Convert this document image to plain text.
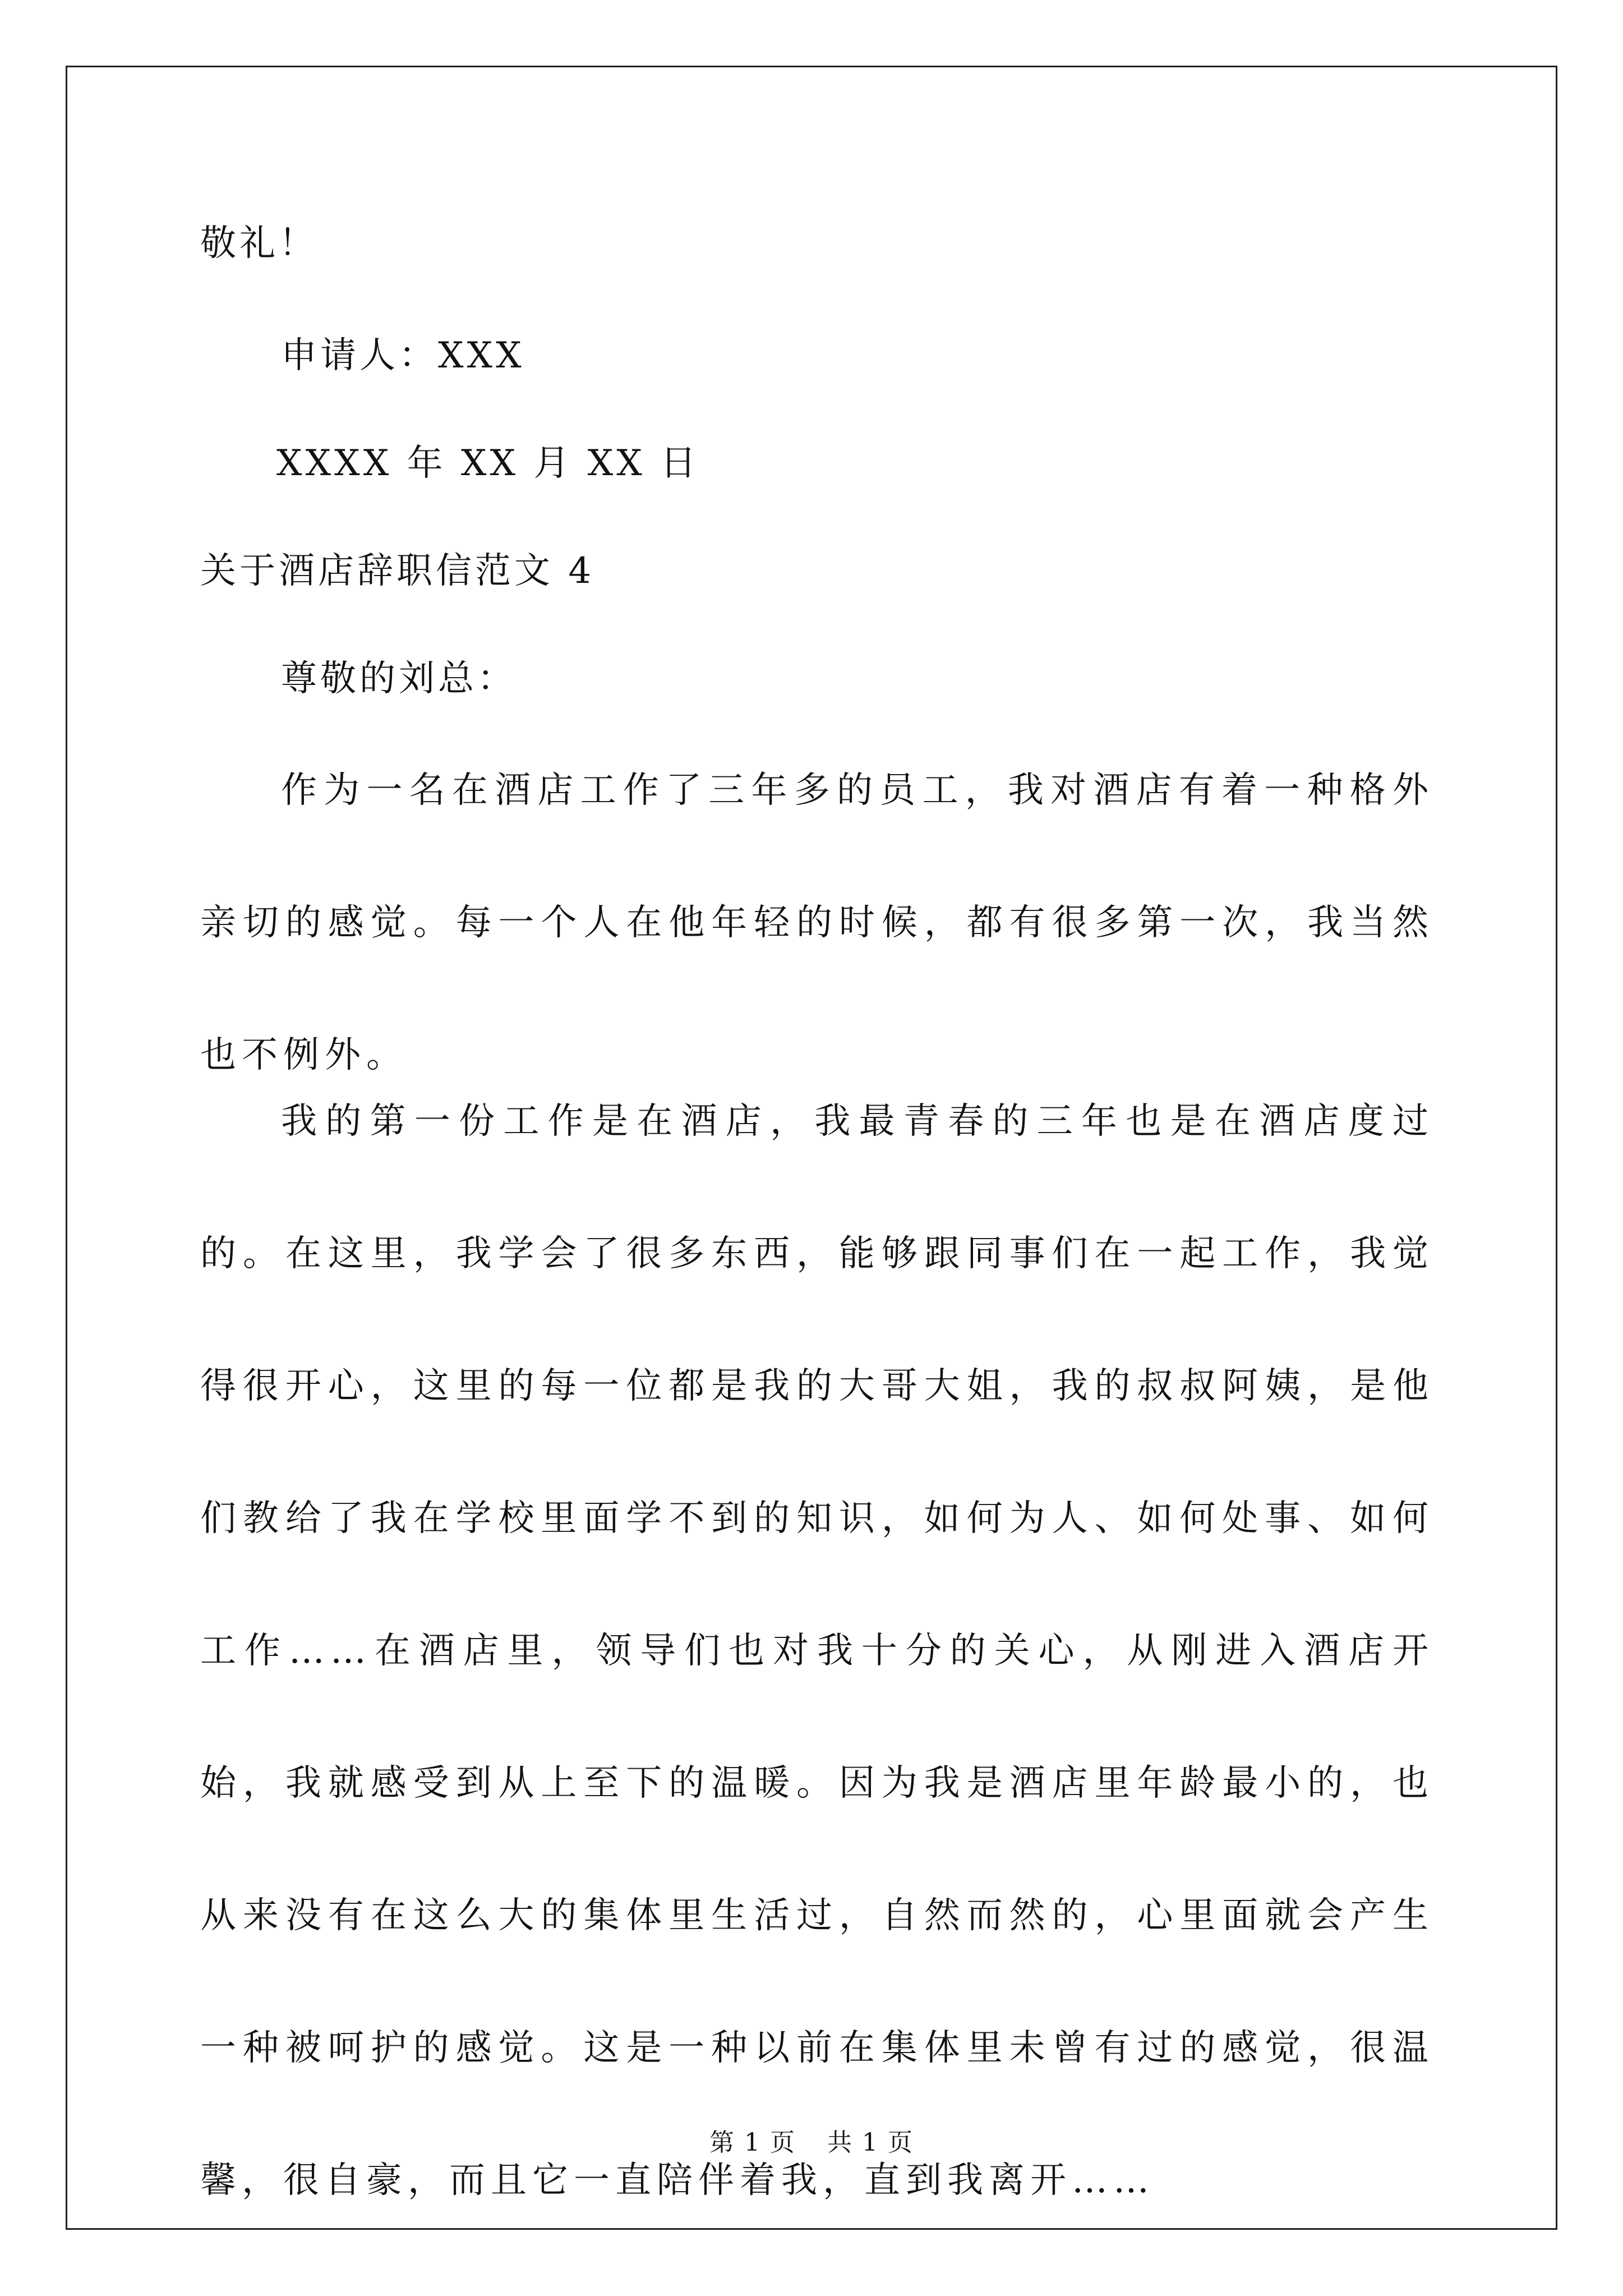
敬礼！
申请人：XXX
XXXX 年 XX 月 XX 日
关于酒店辞职信范文 4
尊敬的刘总：

作为一名在酒店工作了三年多的员工，我对酒店有着一种格外亲切的感觉。每一个人在他年轻的时候，都有很多第一次，我当然也不例外。

我的第一份工作是在酒店，我最青春的三年也是在酒店度过的。在这里，我学会了很多东西，能够跟同事们在一起工作，我觉得很开心，这里的每一位都是我的大哥大姐，我的叔叔阿姨，是他们教给了我在学校里面学不到的知识，如何为人、如何处事、如何工作……在酒店里，领导们也对我十分的关心，从刚进入酒店开始，我就感受到从上至下的温暖。因为我是酒店里年龄最小的，也从来没有在这么大的集体里生活过，自然而然的，心里面就会产生一种被呵护的感觉。这是一种以前在集体里未曾有过的感觉，很温馨，很自豪，而且它一直陪伴着我，直到我离开……

第 1 页 共 1 页
